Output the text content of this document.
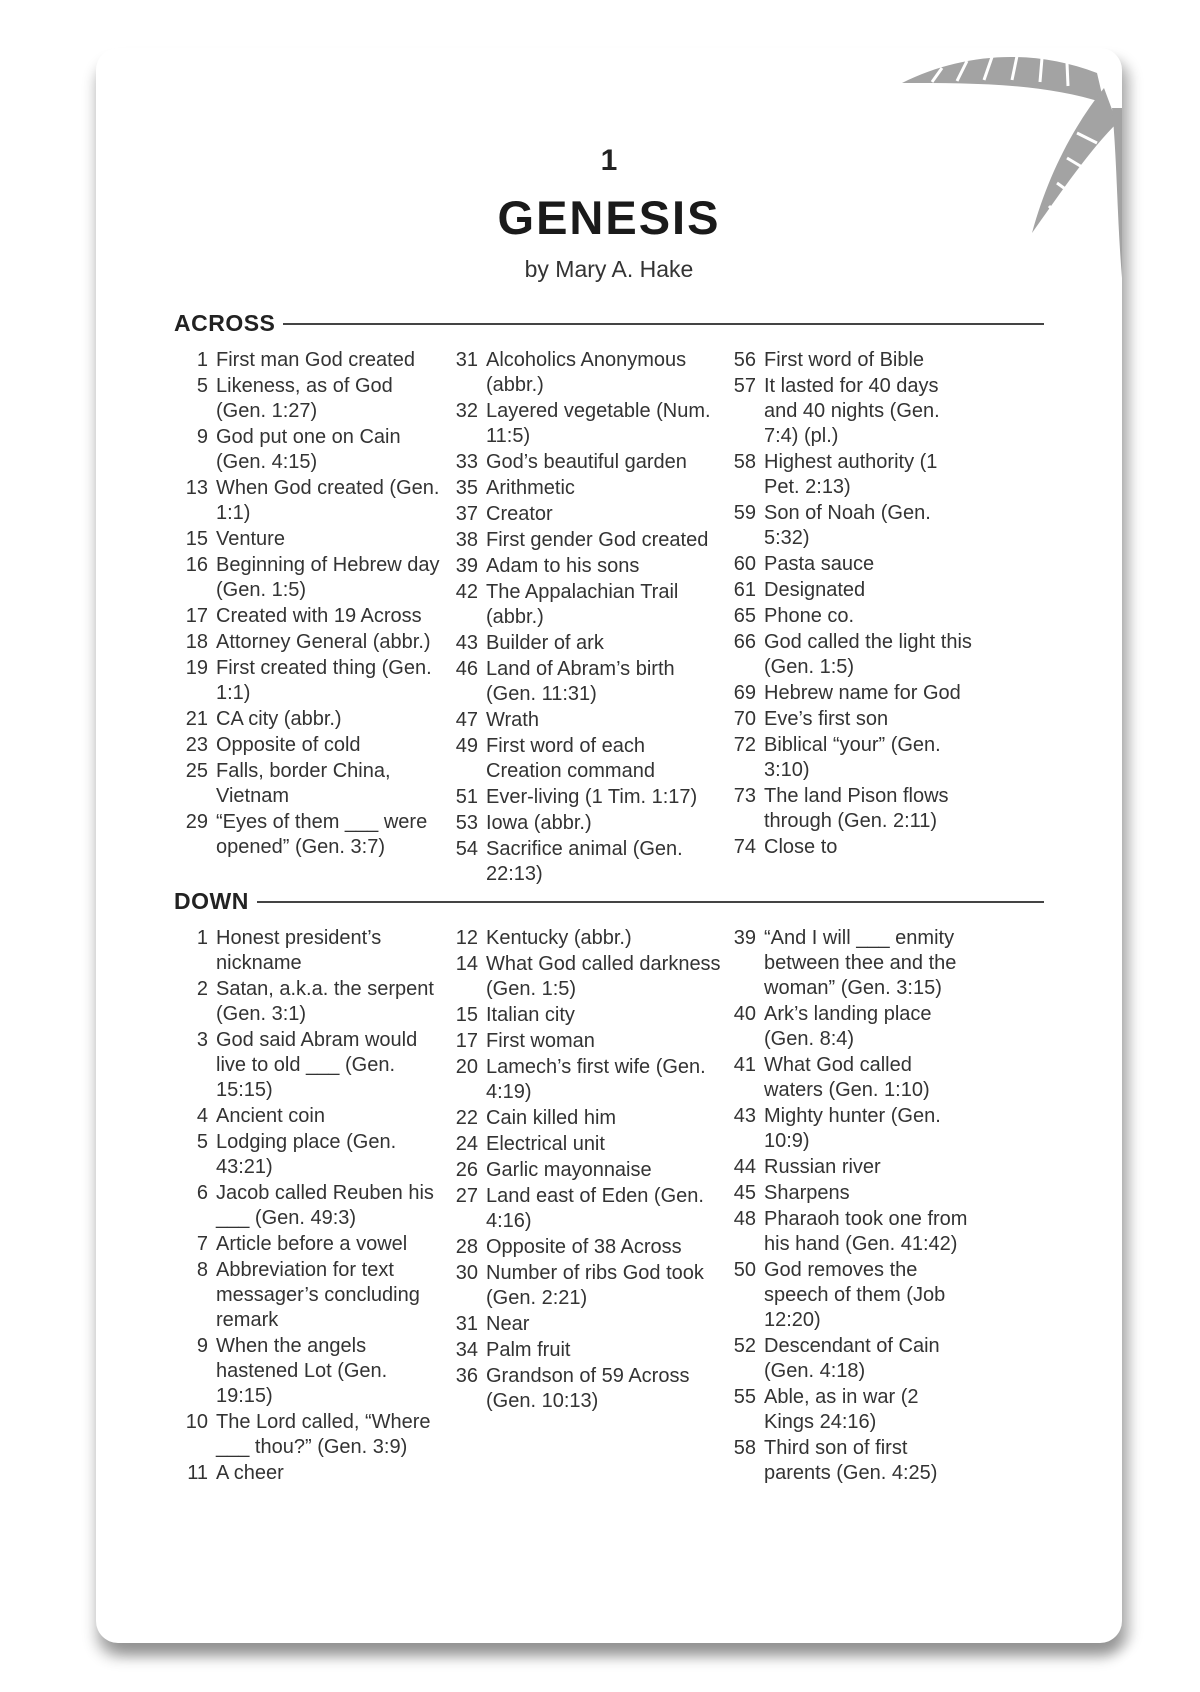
1
GENESIS
by Mary A. Hake
ACROSS
1 First man God created
5 Likeness, as of God (Gen. 1:27)
9 God put one on Cain (Gen. 4:15)
13 When God created (Gen. 1:1)
15 Venture
16 Beginning of Hebrew day (Gen. 1:5)
17 Created with 19 Across
18 Attorney General (abbr.)
19 First created thing (Gen. 1:1)
21 CA city (abbr.)
23 Opposite of cold
25 Falls, border China, Vietnam
29 “Eyes of them ___ were opened” (Gen. 3:7)
31 Alcoholics Anonymous (abbr.)
32 Layered vegetable (Num. 11:5)
33 God’s beautiful garden
35 Arithmetic
37 Creator
38 First gender God created
39 Adam to his sons
42 The Appalachian Trail (abbr.)
43 Builder of ark
46 Land of Abram’s birth (Gen. 11:31)
47 Wrath
49 First word of each Creation command
51 Ever-living (1 Tim. 1:17)
53 Iowa (abbr.)
54 Sacrifice animal (Gen. 22:13)
56 First word of Bible
57 It lasted for 40 days and 40 nights (Gen. 7:4) (pl.)
58 Highest authority (1 Pet. 2:13)
59 Son of Noah (Gen. 5:32)
60 Pasta sauce
61 Designated
65 Phone co.
66 God called the light this (Gen. 1:5)
69 Hebrew name for God
70 Eve’s first son
72 Biblical “your” (Gen. 3:10)
73 The land Pison flows through (Gen. 2:11)
74 Close to
DOWN
1 Honest president’s nickname
2 Satan, a.k.a. the serpent (Gen. 3:1)
3 God said Abram would live to old ___ (Gen. 15:15)
4 Ancient coin
5 Lodging place (Gen. 43:21)
6 Jacob called Reuben his ___ (Gen. 49:3)
7 Article before a vowel
8 Abbreviation for text messager’s concluding remark
9 When the angels hastened Lot (Gen. 19:15)
10 The Lord called, “Where ___ thou?” (Gen. 3:9)
11 A cheer
12 Kentucky (abbr.)
14 What God called darkness (Gen. 1:5)
15 Italian city
17 First woman
20 Lamech’s first wife (Gen. 4:19)
22 Cain killed him
24 Electrical unit
26 Garlic mayonnaise
27 Land east of Eden (Gen. 4:16)
28 Opposite of 38 Across
30 Number of ribs God took (Gen. 2:21)
31 Near
34 Palm fruit
36 Grandson of 59 Across (Gen. 10:13)
39 “And I will ___ enmity between thee and the woman” (Gen. 3:15)
40 Ark’s landing place (Gen. 8:4)
41 What God called waters (Gen. 1:10)
43 Mighty hunter (Gen. 10:9)
44 Russian river
45 Sharpens
48 Pharaoh took one from his hand (Gen. 41:42)
50 God removes the speech of them (Job 12:20)
52 Descendant of Cain (Gen. 4:18)
55 Able, as in war (2 Kings 24:16)
58 Third son of first parents (Gen. 4:25)
